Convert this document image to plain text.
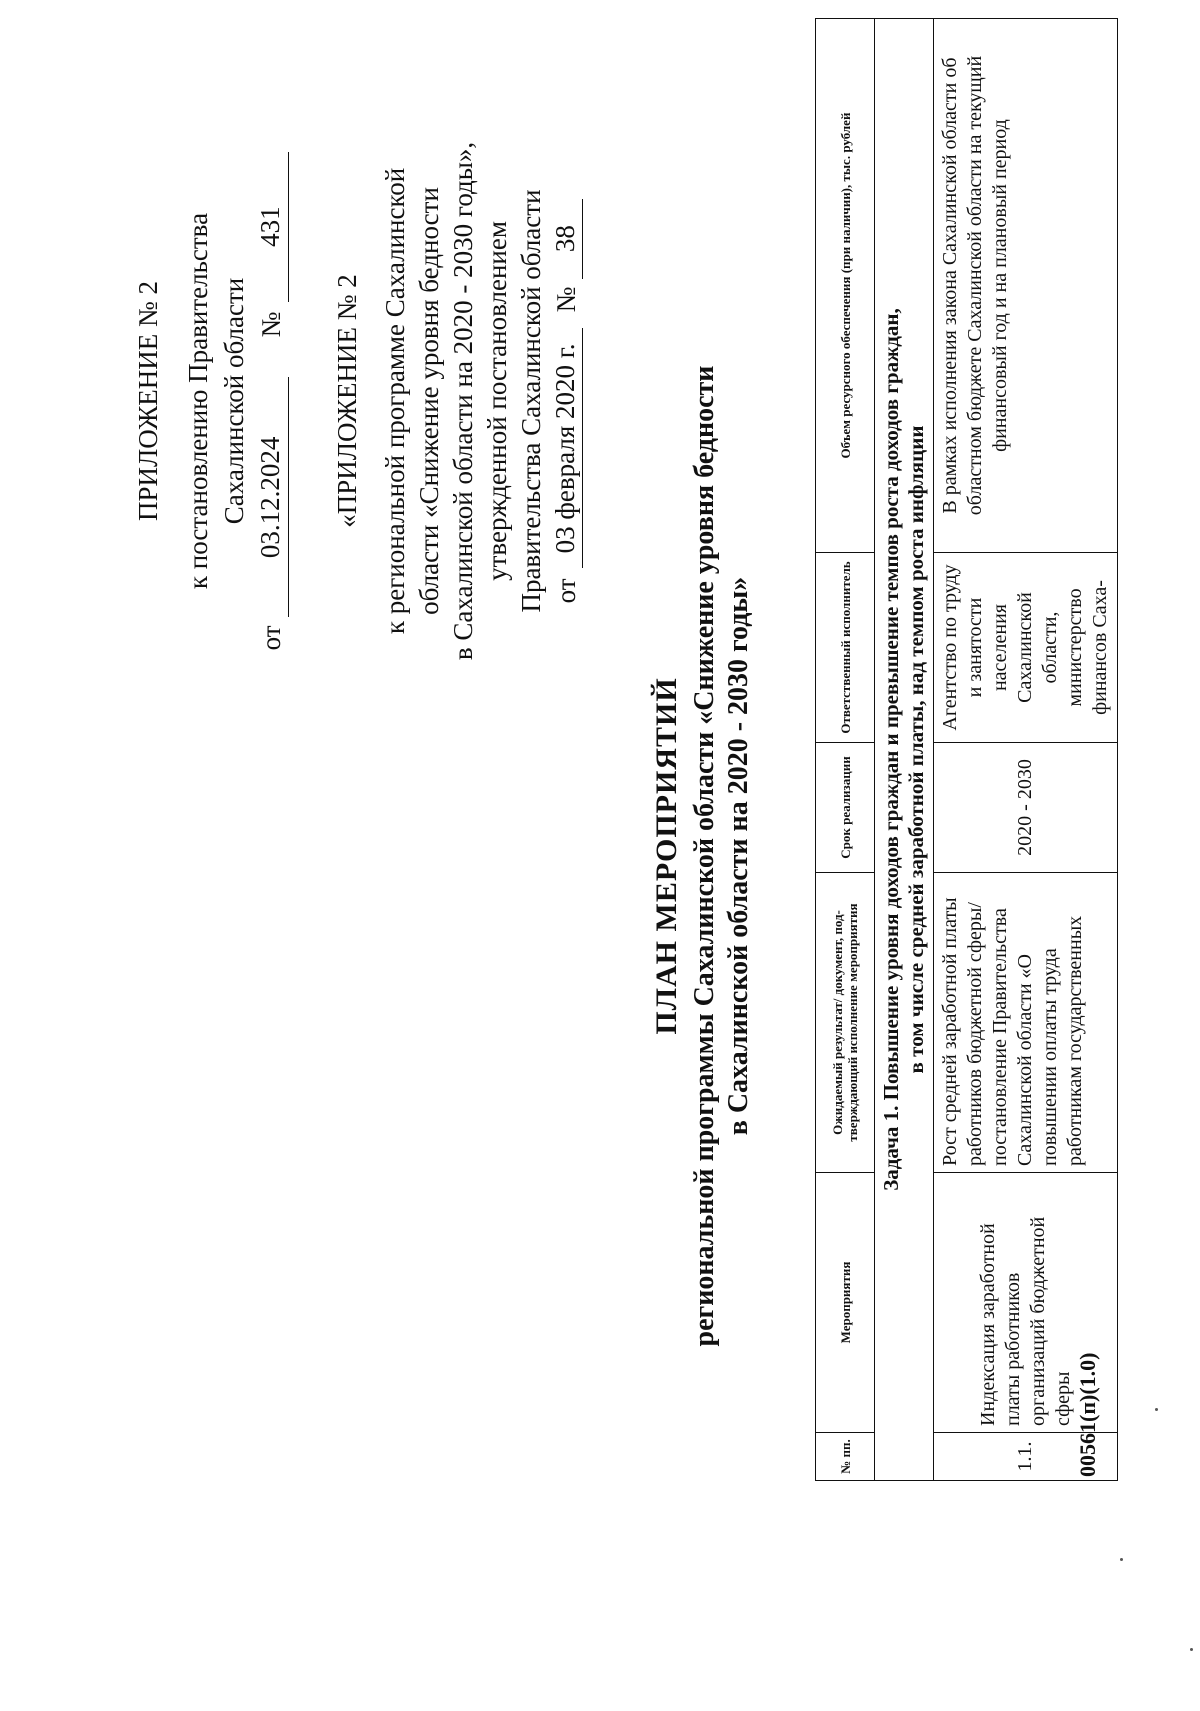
ПРИЛОЖЕНИЕ № 2 к постановлению Правительства Сахалинской области
от
03.12.2024
№
431
«ПРИЛОЖЕНИЕ № 2 к региональной программе Сахалинской области «Снижение уровня бедности в Сахалинской области на 2020 - 2030 годы», утвержденной постановлением Правительства Сахалинской области от
03 февраля 2020 г.
№
38
ПЛАН МЕРОПРИЯТИЙ региональной программы Сахалинской области «Снижение уровня бедности в Сахалинской области на 2020 - 2030 годы»
№ пп.	Мероприятия	Ожидаемый результат/ документ, под-тверждающий исполнение мероприятия	Срок реализации	Ответственный исполнитель	Объем ресурсного обеспечения (при наличии), тыс. рублей

Задача 1. Повышение уровня доходов граждан и превышение темпов роста доходов граждан, в том числе средней заработной платы, над темпом роста инфляции					

1.1.	Индексация заработной платы работников организаций бюджетной сферы	Рост средней заработной платы работников бюджетной сферы/ постановление Правительства Сахалинской области «О повышении оплаты труда работникам государственных	2020 - 2030	Агентство по труду и занятости населения Сахалинской области, министерство финансов Саха-	В рамках исполнения закона Сахалинской области об областном бюджете Сахалинской области на текущий финансовый год и на плановый период
00561(п)(1.0)
